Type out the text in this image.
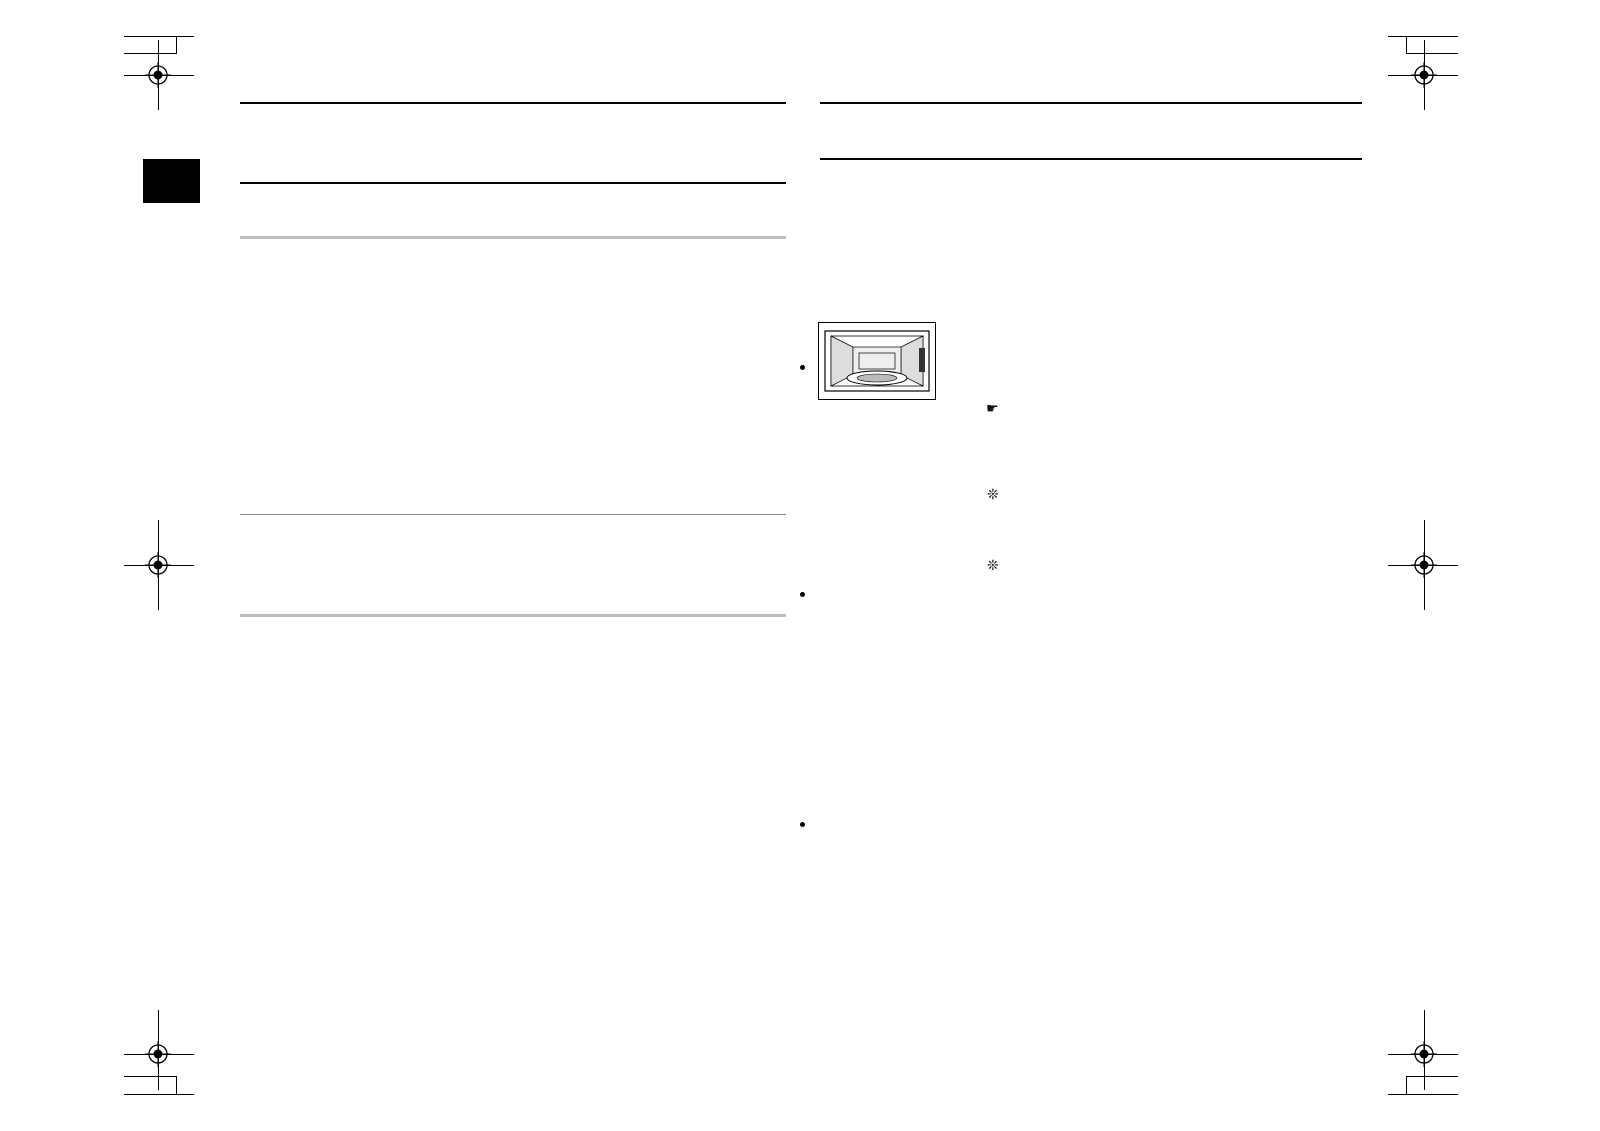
☛
❊
❊
